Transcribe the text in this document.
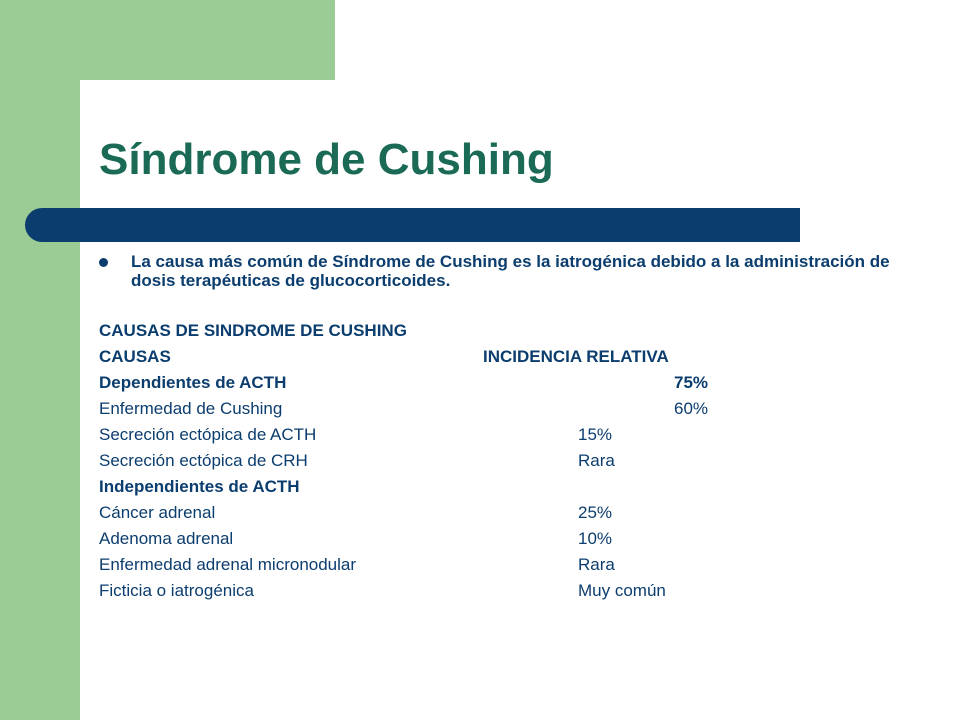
Síndrome de Cushing
La causa más común de Síndrome de Cushing es la iatrogénica debido a la administración de dosis terapéuticas de glucocorticoides.
CAUSAS DE SINDROME DE CUSHING
CAUSAS	INCIDENCIA RELATIVA
Dependientes de ACTH	75%
Enfermedad de Cushing	60%
Secreción ectópica de ACTH	15%
Secreción ectópica de CRH	Rara
Independientes de ACTH
Cáncer adrenal	25%
Adenoma adrenal	10%
Enfermedad adrenal micronodular	Rara
Ficticia o iatrogénica	Muy común
